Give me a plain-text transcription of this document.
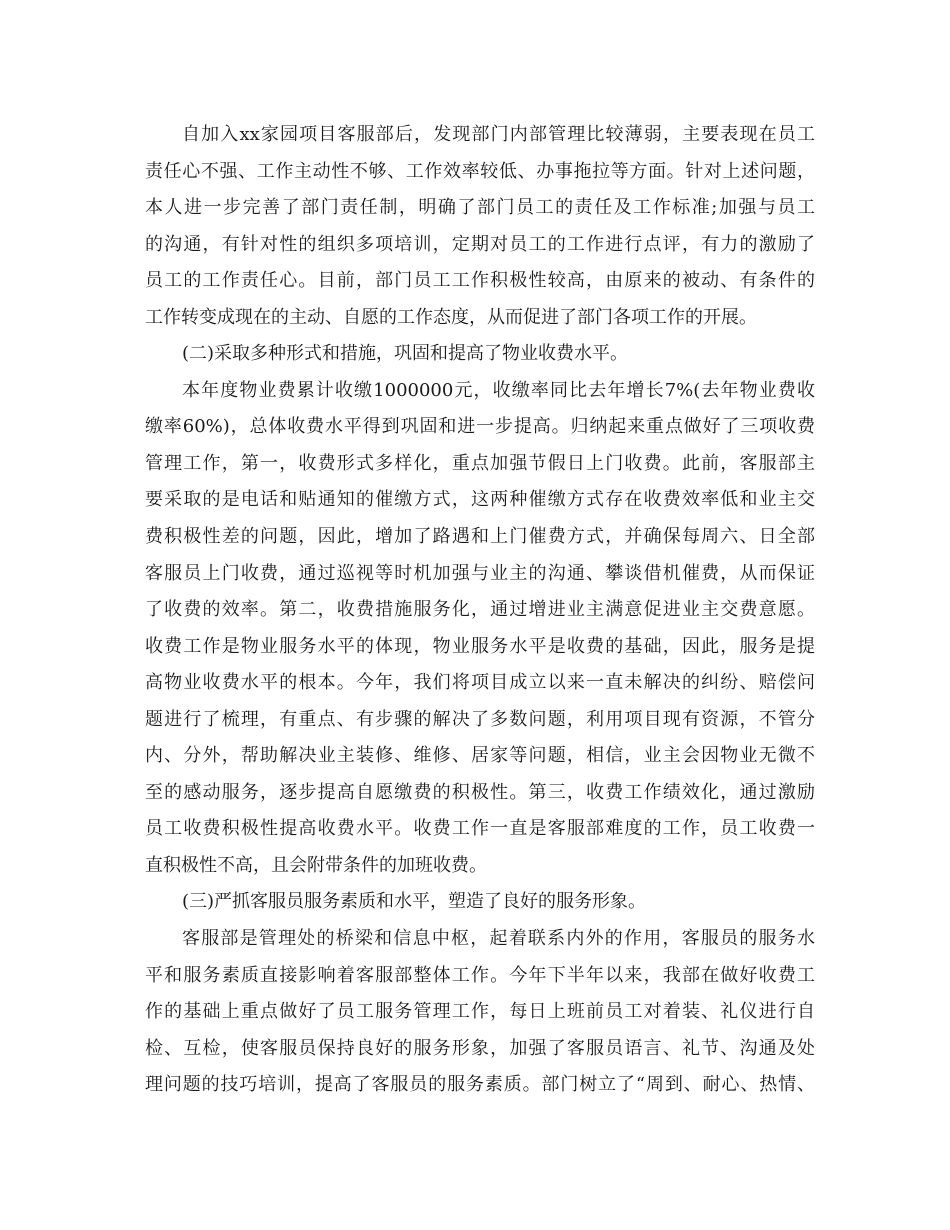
自加入xx家园项目客服部后，发现部门内部管理比较薄弱，主要表现在员工
责任心不强、工作主动性不够、工作效率较低、办事拖拉等方面。针对上述问题，
本人进一步完善了部门责任制，明确了部门员工的责任及工作标准;加强与员工
的沟通，有针对性的组织多项培训，定期对员工的工作进行点评，有力的激励了
员工的工作责任心。目前，部门员工工作积极性较高，由原来的被动、有条件的
工作转变成现在的主动、自愿的工作态度，从而促进了部门各项工作的开展。
(二)采取多种形式和措施，巩固和提高了物业收费水平。
本年度物业费累计收缴1000000元，收缴率同比去年增长7%(去年物业费收
缴率60%)，总体收费水平得到巩固和进一步提高。归纳起来重点做好了三项收费
管理工作，第一，收费形式多样化，重点加强节假日上门收费。此前，客服部主
要采取的是电话和贴通知的催缴方式，这两种催缴方式存在收费效率低和业主交
费积极性差的问题，因此，增加了路遇和上门催费方式，并确保每周六、日全部
客服员上门收费，通过巡视等时机加强与业主的沟通、攀谈借机催费，从而保证
了收费的效率。第二，收费措施服务化，通过增进业主满意促进业主交费意愿。
收费工作是物业服务水平的体现，物业服务水平是收费的基础，因此，服务是提
高物业收费水平的根本。今年，我们将项目成立以来一直未解决的纠纷、赔偿问
题进行了梳理，有重点、有步骤的解决了多数问题，利用项目现有资源，不管分
内、分外，帮助解决业主装修、维修、居家等问题，相信，业主会因物业无微不
至的感动服务，逐步提高自愿缴费的积极性。第三，收费工作绩效化，通过激励
员工收费积极性提高收费水平。收费工作一直是客服部难度的工作，员工收费一
直积极性不高，且会附带条件的加班收费。
(三)严抓客服员服务素质和水平，塑造了良好的服务形象。
客服部是管理处的桥梁和信息中枢，起着联系内外的作用，客服员的服务水
平和服务素质直接影响着客服部整体工作。今年下半年以来，我部在做好收费工
作的基础上重点做好了员工服务管理工作，每日上班前员工对着装、礼仪进行自
检、互检，使客服员保持良好的服务形象，加强了客服员语言、礼节、沟通及处
理问题的技巧培训，提高了客服员的服务素质。部门树立了“周到、耐心、热情、
